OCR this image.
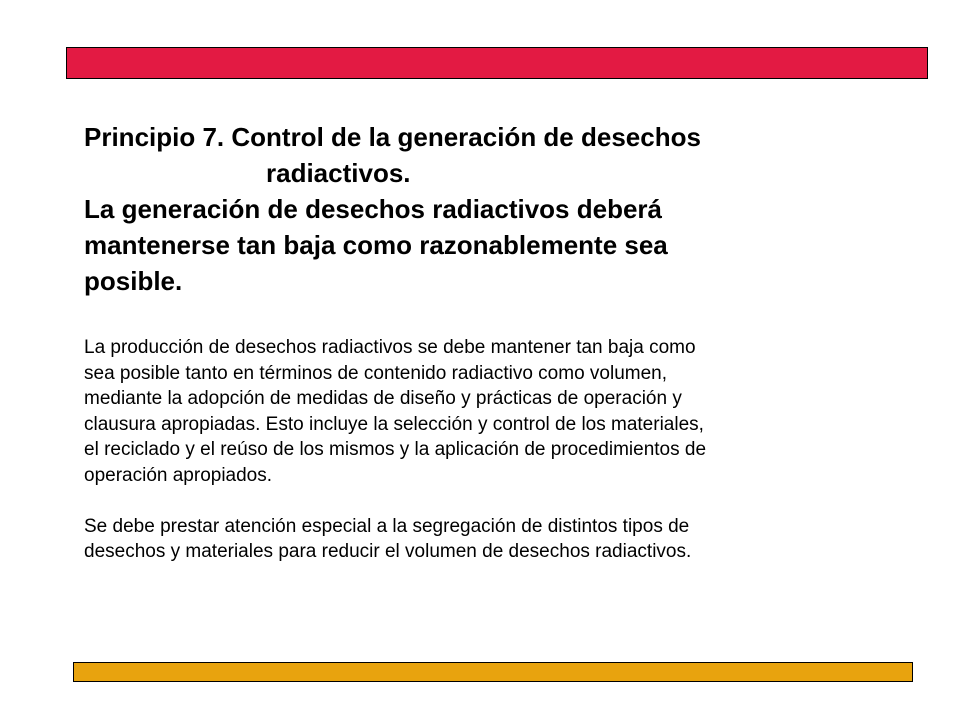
Principio 7. Control de la generación de desechos
radiactivos.
La generación de desechos radiactivos deberá
mantenerse tan baja como razonablemente sea
posible.
La producción de desechos radiactivos se debe mantener tan baja como
sea posible tanto en términos de contenido radiactivo como volumen,
mediante la adopción de medidas de diseño y prácticas de operación y
clausura apropiadas. Esto incluye la selección y control de los materiales,
el reciclado y el reúso de los mismos y la aplicación de procedimientos de
operación apropiados.
Se debe prestar atención especial a la segregación de distintos tipos de
desechos y materiales para reducir el volumen de desechos radiactivos.
